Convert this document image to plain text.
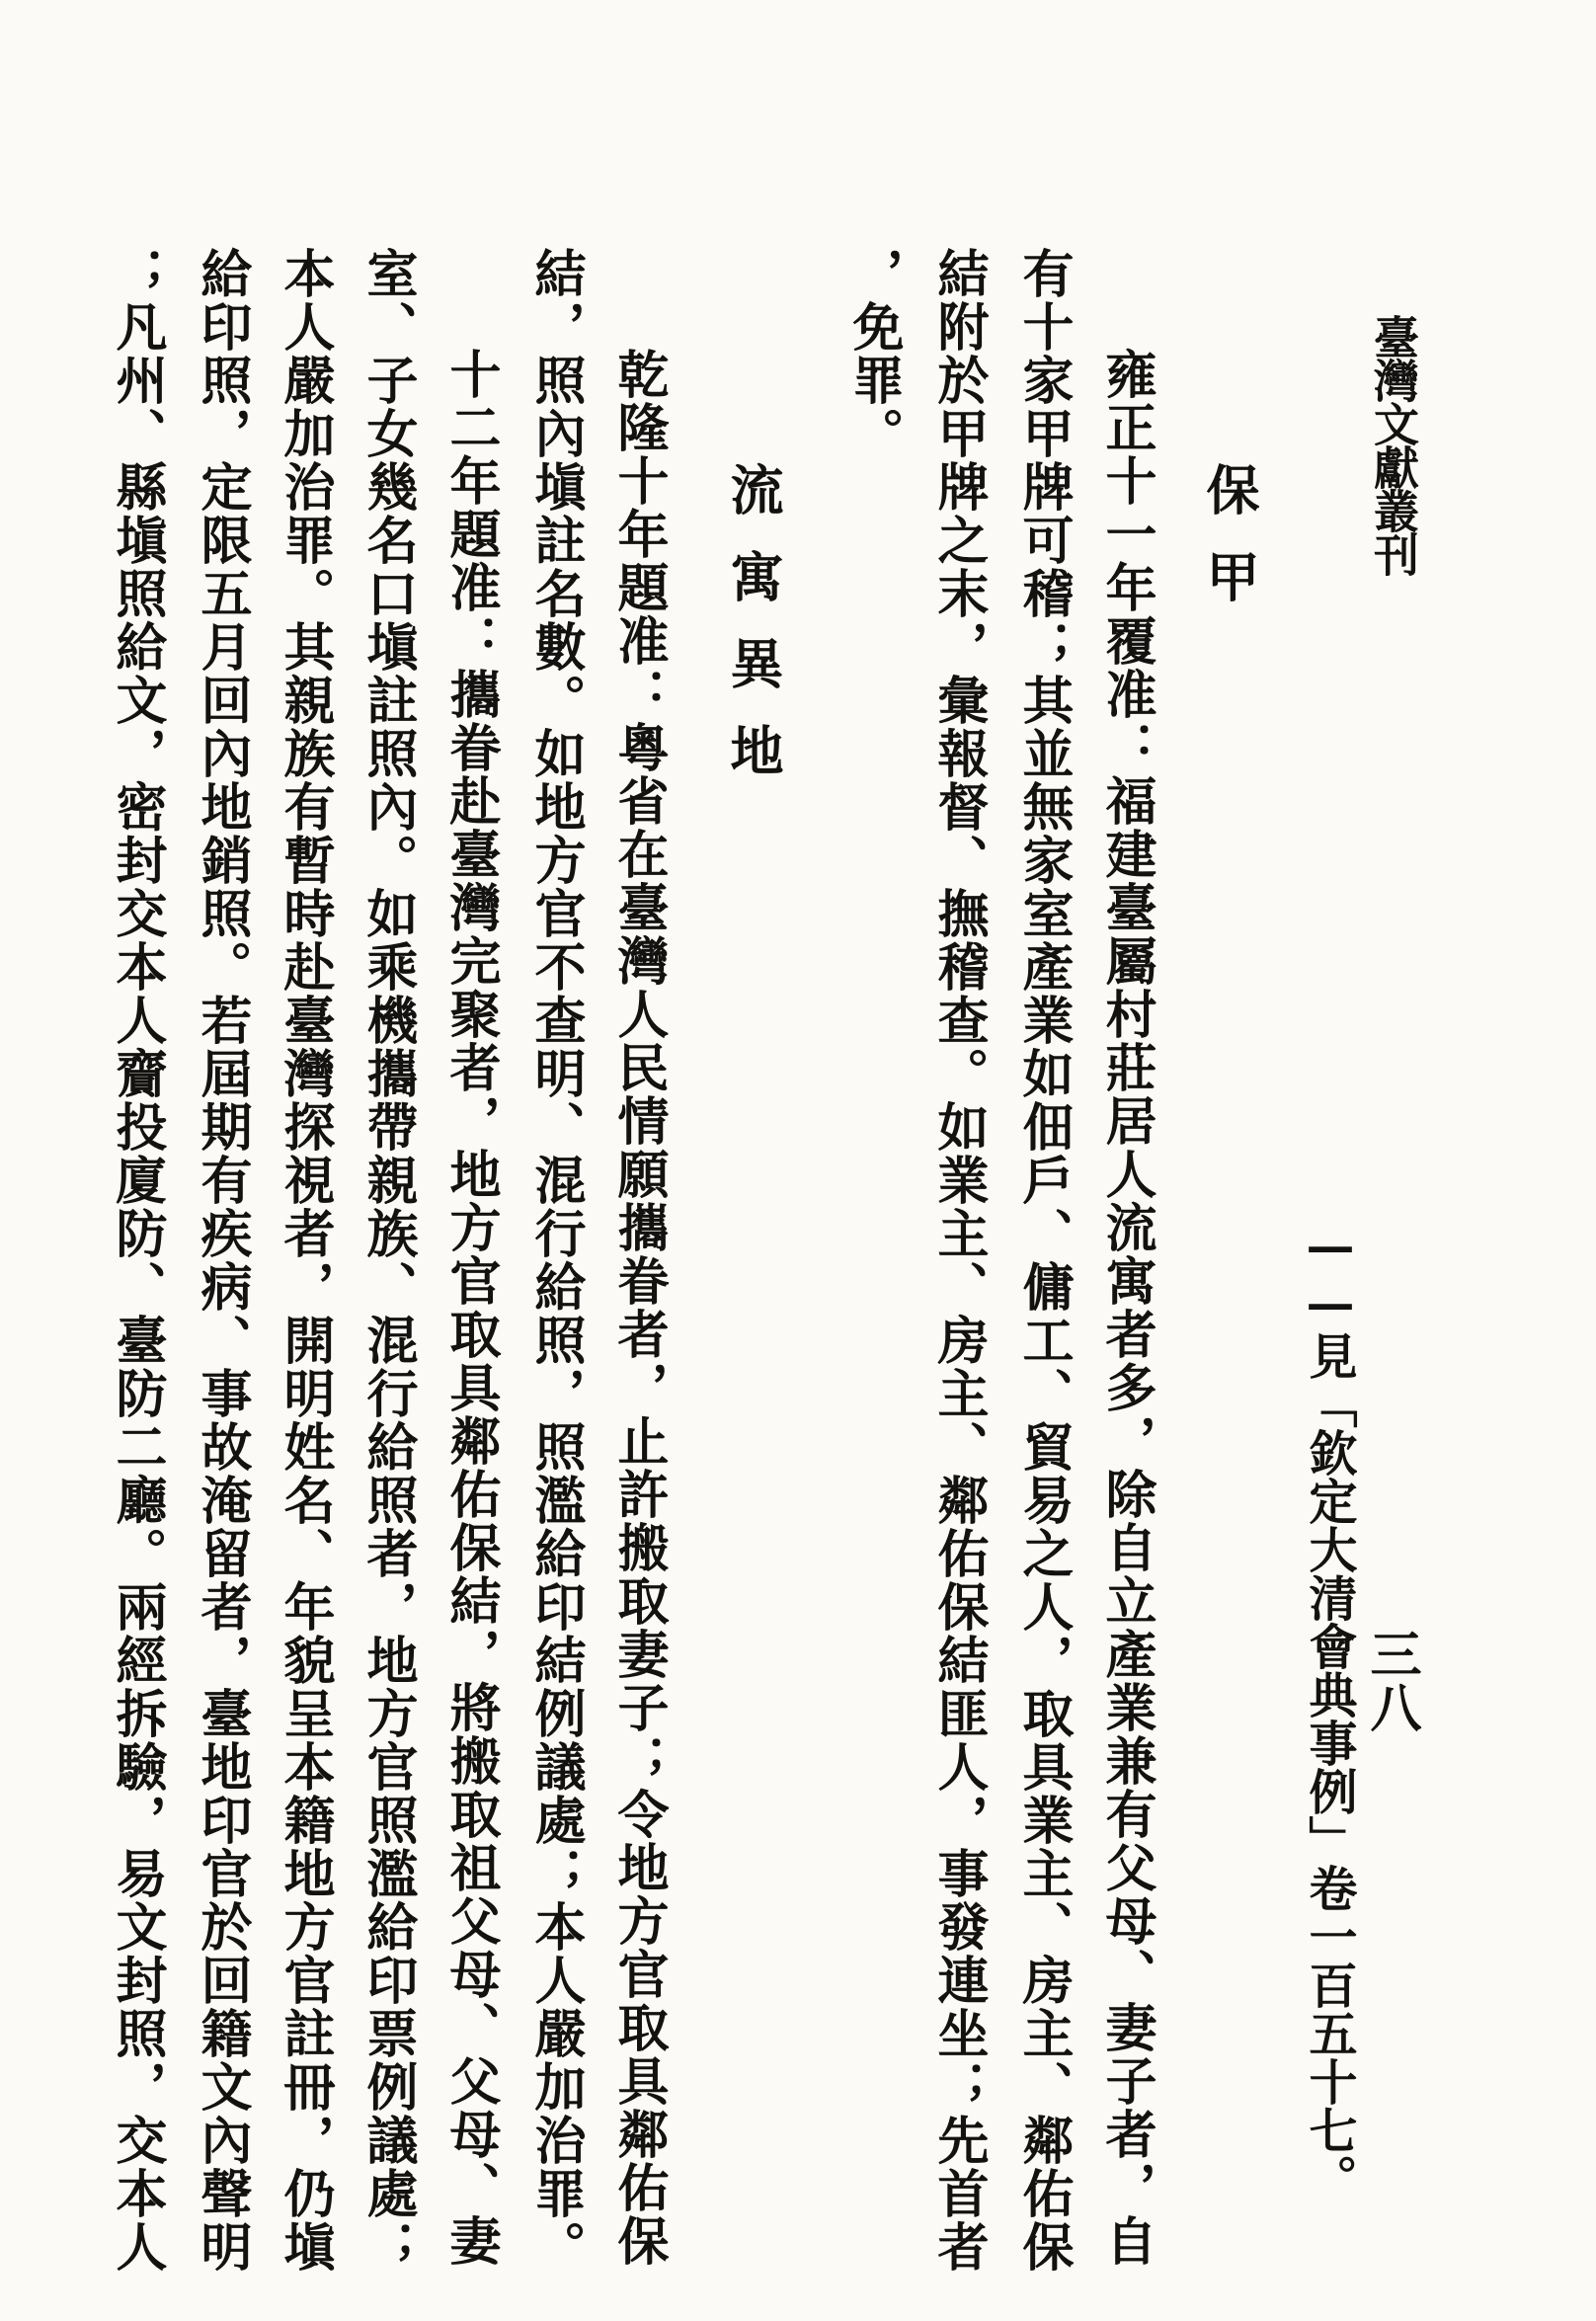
臺灣文獻叢刊
三八
保甲
——見「欽定大清會典事例」卷一百五十七。
雍正十一年覆准：福建臺屬村莊居人流寓者多，除自立產業兼有父母、妻子者，自
有十家甲牌可稽；其並無家室產業如佃戶、傭工、貿易之人，取具業主、房主、鄰佑保
結附於甲牌之末，彙報督、撫稽查。如業主、房主、鄰佑保結匪人，事發連坐；先首者
，免罪。
流寓異地
乾隆十年題准：粵省在臺灣人民情願攜眷者，止許搬取妻子；令地方官取具鄰佑保
結，照內塡註名數。如地方官不查明、混行給照，照濫給印結例議處；本人嚴加治罪。
十二年題准：攜眷赴臺灣完聚者，地方官取具鄰佑保結，將搬取祖父母、父母、妻
室、子女幾名口塡註照內。如乘機攜帶親族、混行給照者，地方官照濫給印票例議處；
本人嚴加治罪。其親族有暫時赴臺灣探視者，開明姓名、年貌呈本籍地方官註冊，仍塡
給印照，定限五月回內地銷照。若屆期有疾病、事故淹留者，臺地印官於回籍文內聲明
；凡州、縣塡照給文，密封交本人齎投廈防、臺防二廳。兩經拆驗，易文封照，交本人
